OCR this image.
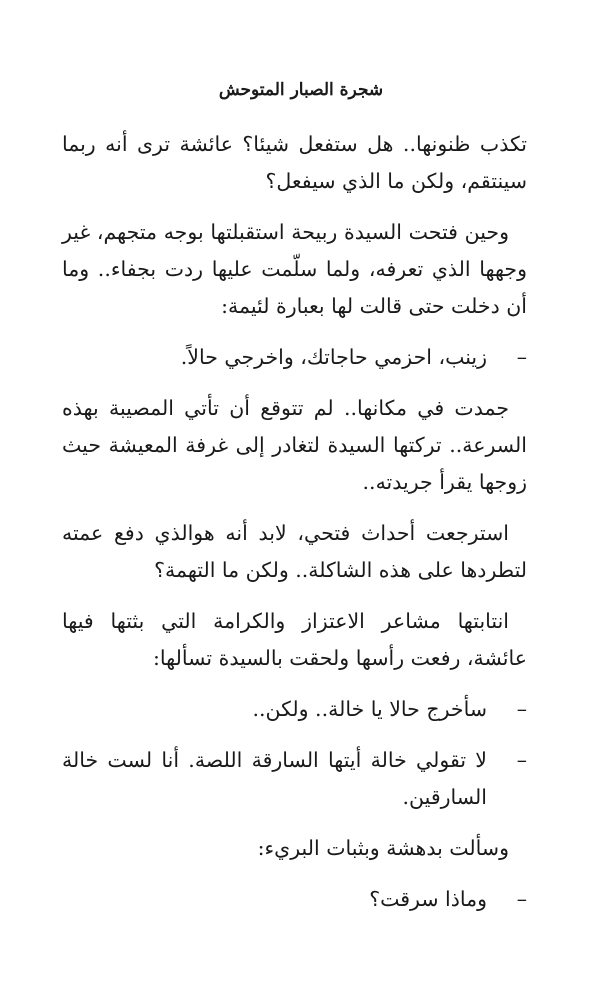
شجرة الصبار المتوحش

تكذب ظنونها.. هل ستفعل شيئا؟ عائشة ترى أنه ربما سينتقم، ولكن ما الذي سيفعل؟

وحين فتحت السيدة ربيحة استقبلتها بوجه متجهم، غير وجهها الذي تعرفه، ولما سلّمت عليها ردت بجفاء.. وما أن دخلت حتى قالت لها بعبارة لئيمة:

–
زينب، احزمي حاجاتك، واخرجي حالاً.

جمدت في مكانها.. لم تتوقع أن تأتي المصيبة بهذه السرعة.. تركتها السيدة لتغادر إلى غرفة المعيشة حيث زوجها يقرأ جريدته..

استرجعت أحداث فتحي، لابد أنه هوالذي دفع عمته لتطردها على هذه الشاكلة.. ولكن ما التهمة؟

انتابتها مشاعر الاعتزاز والكرامة التي بثتها فيها عائشة، رفعت رأسها ولحقت بالسيدة تسألها:

–
سأخرج حالا يا خالة.. ولكن..
–
لا تقولي خالة أيتها السارقة اللصة. أنا لست خالة السارقين.

وسألت بدهشة وبثبات البريء:

–
وماذا سرقت؟
